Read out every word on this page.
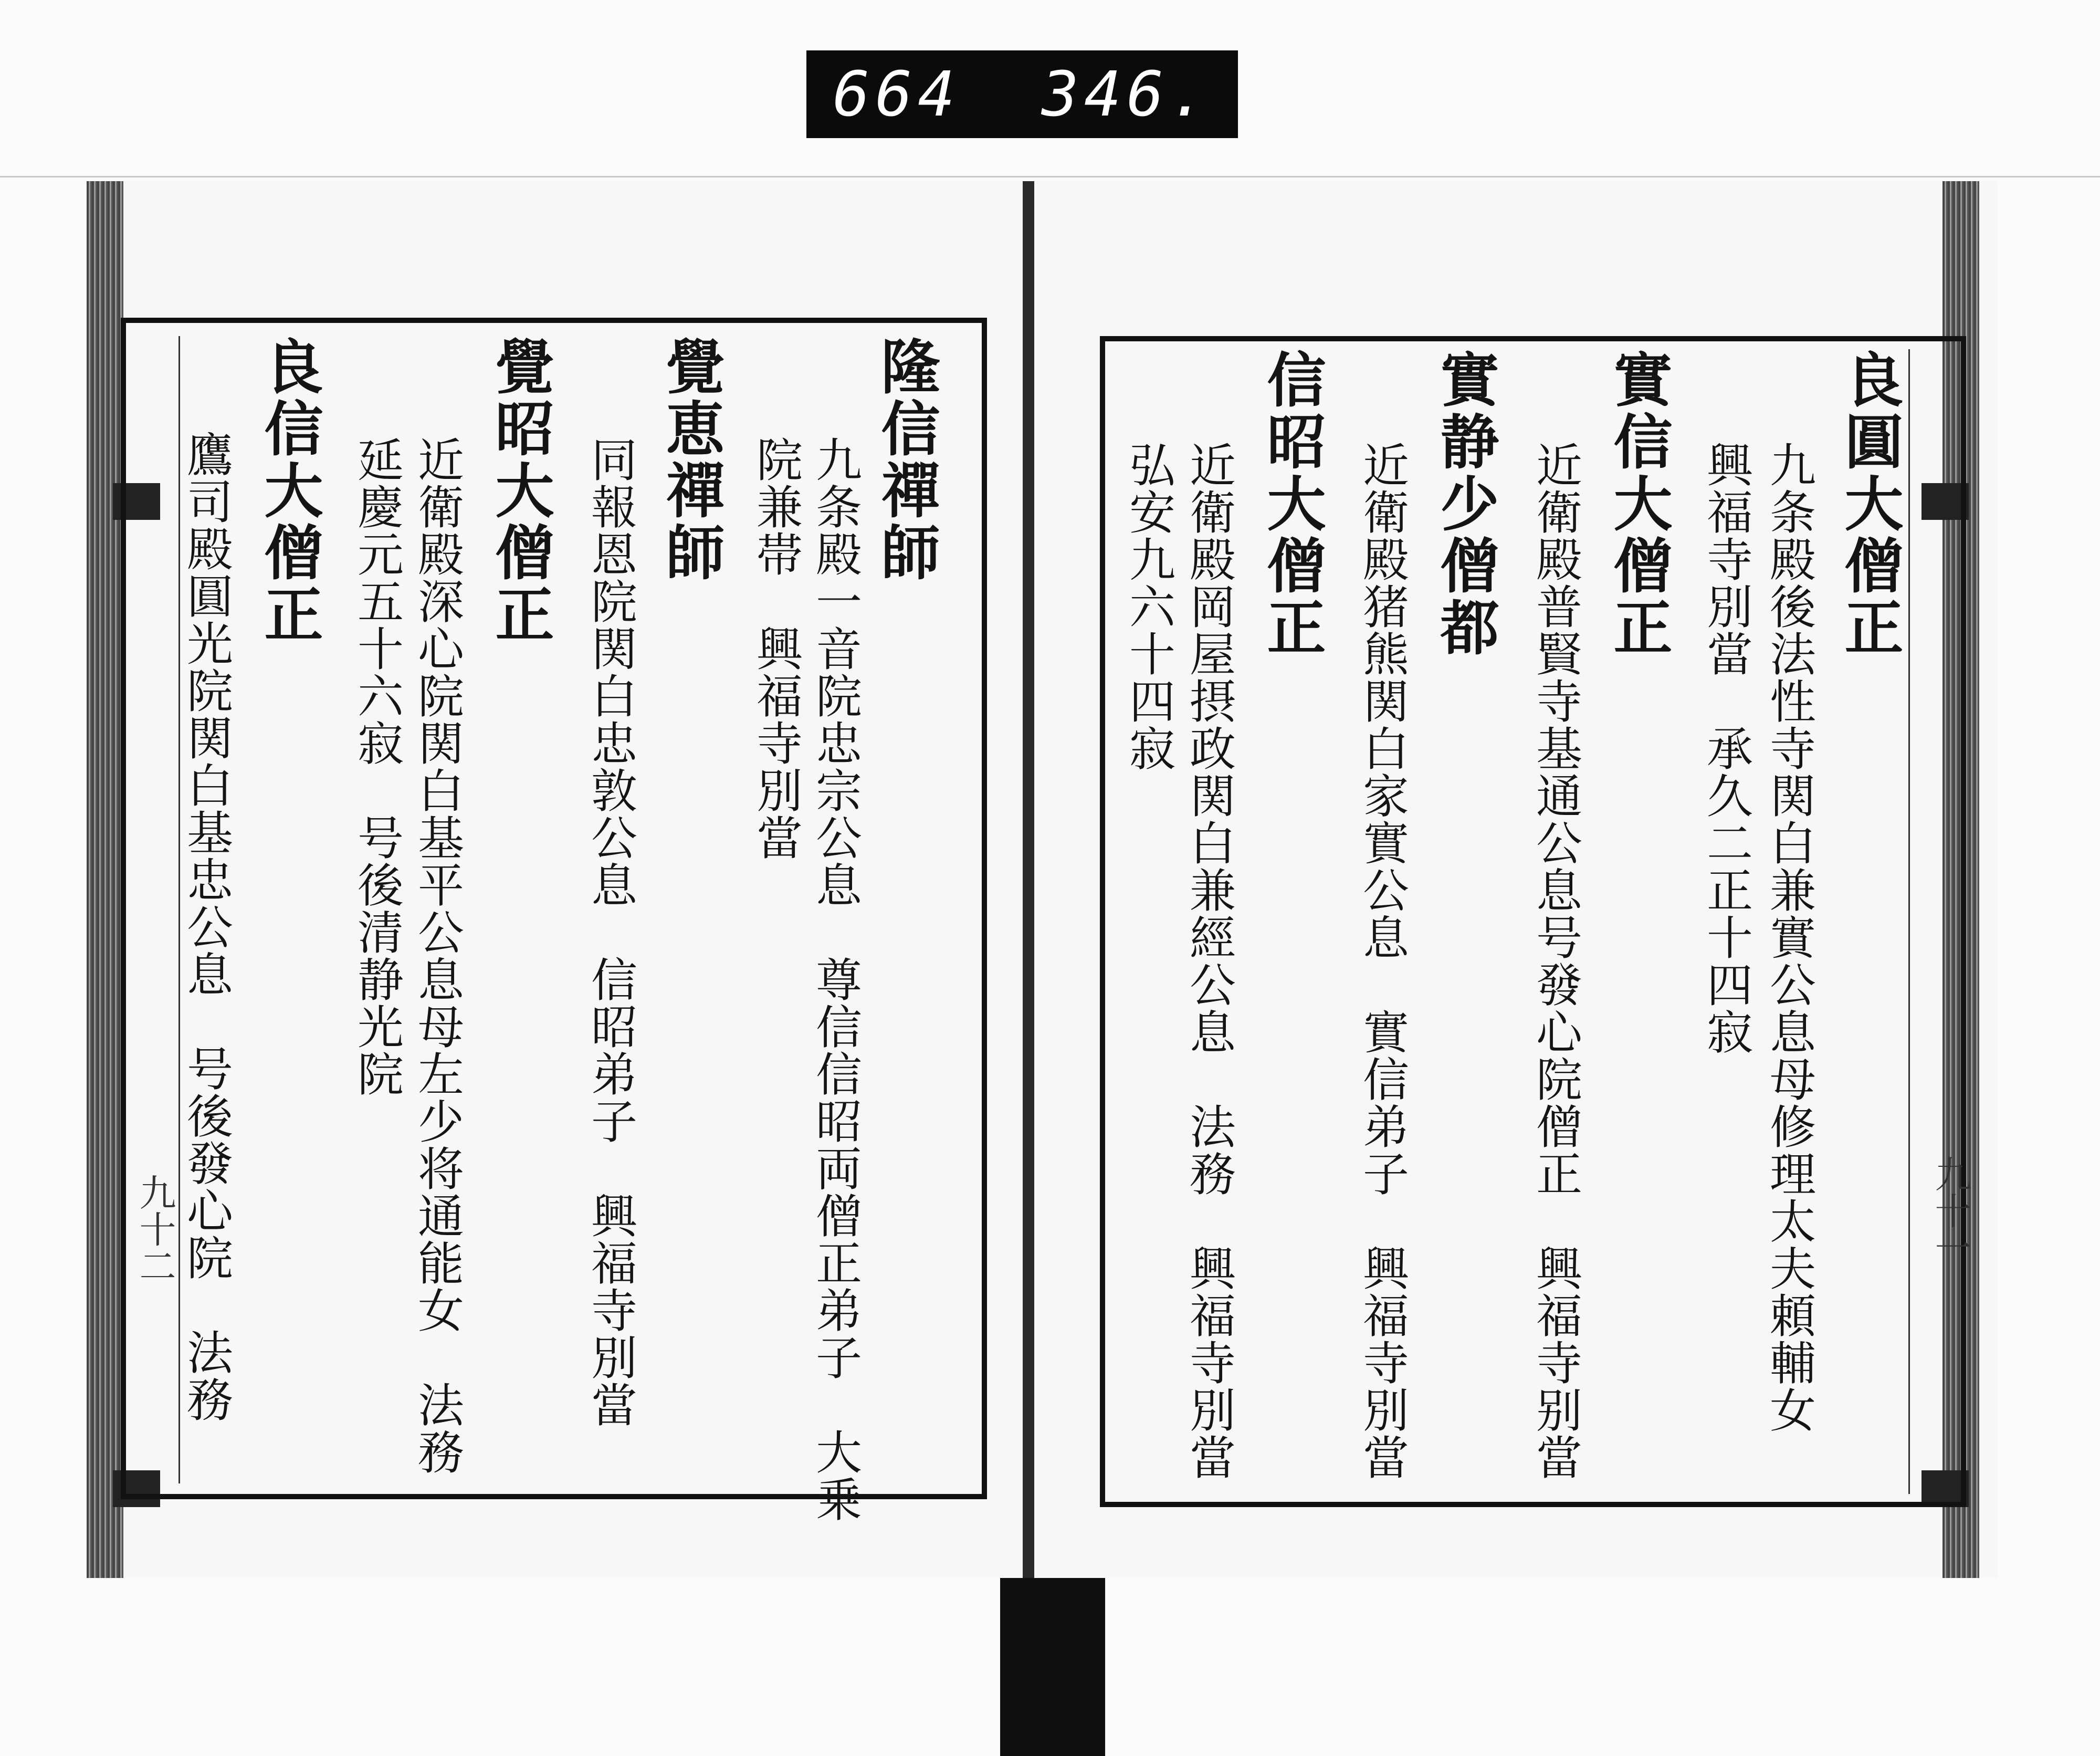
664 346.
隆信禪師
九条殿一音院忠宗公息　尊信信昭両僧正弟子　大乗
院兼帯　興福寺別當
覺恵禪師
同報恩院関白忠敦公息　信昭弟子　興福寺別當
覺昭大僧正
近衛殿深心院関白基平公息母左少将通能女　法務
延慶元五十六寂　号後清静光院
良信大僧正
鷹司殿圓光院関白基忠公息　号後發心院　法務
九十二
良圓大僧正
九条殿後法性寺関白兼實公息母修理太夫頼輔女
興福寺別當　承久二正十四寂
實信大僧正
近衛殿普賢寺基通公息号發心院僧正　興福寺别當
實静少僧都
近衛殿猪熊関白家實公息　實信弟子　興福寺別當
信昭大僧正
近衛殿岡屋摂政関白兼經公息　法務　興福寺別當
弘安九六十四寂
九十一
